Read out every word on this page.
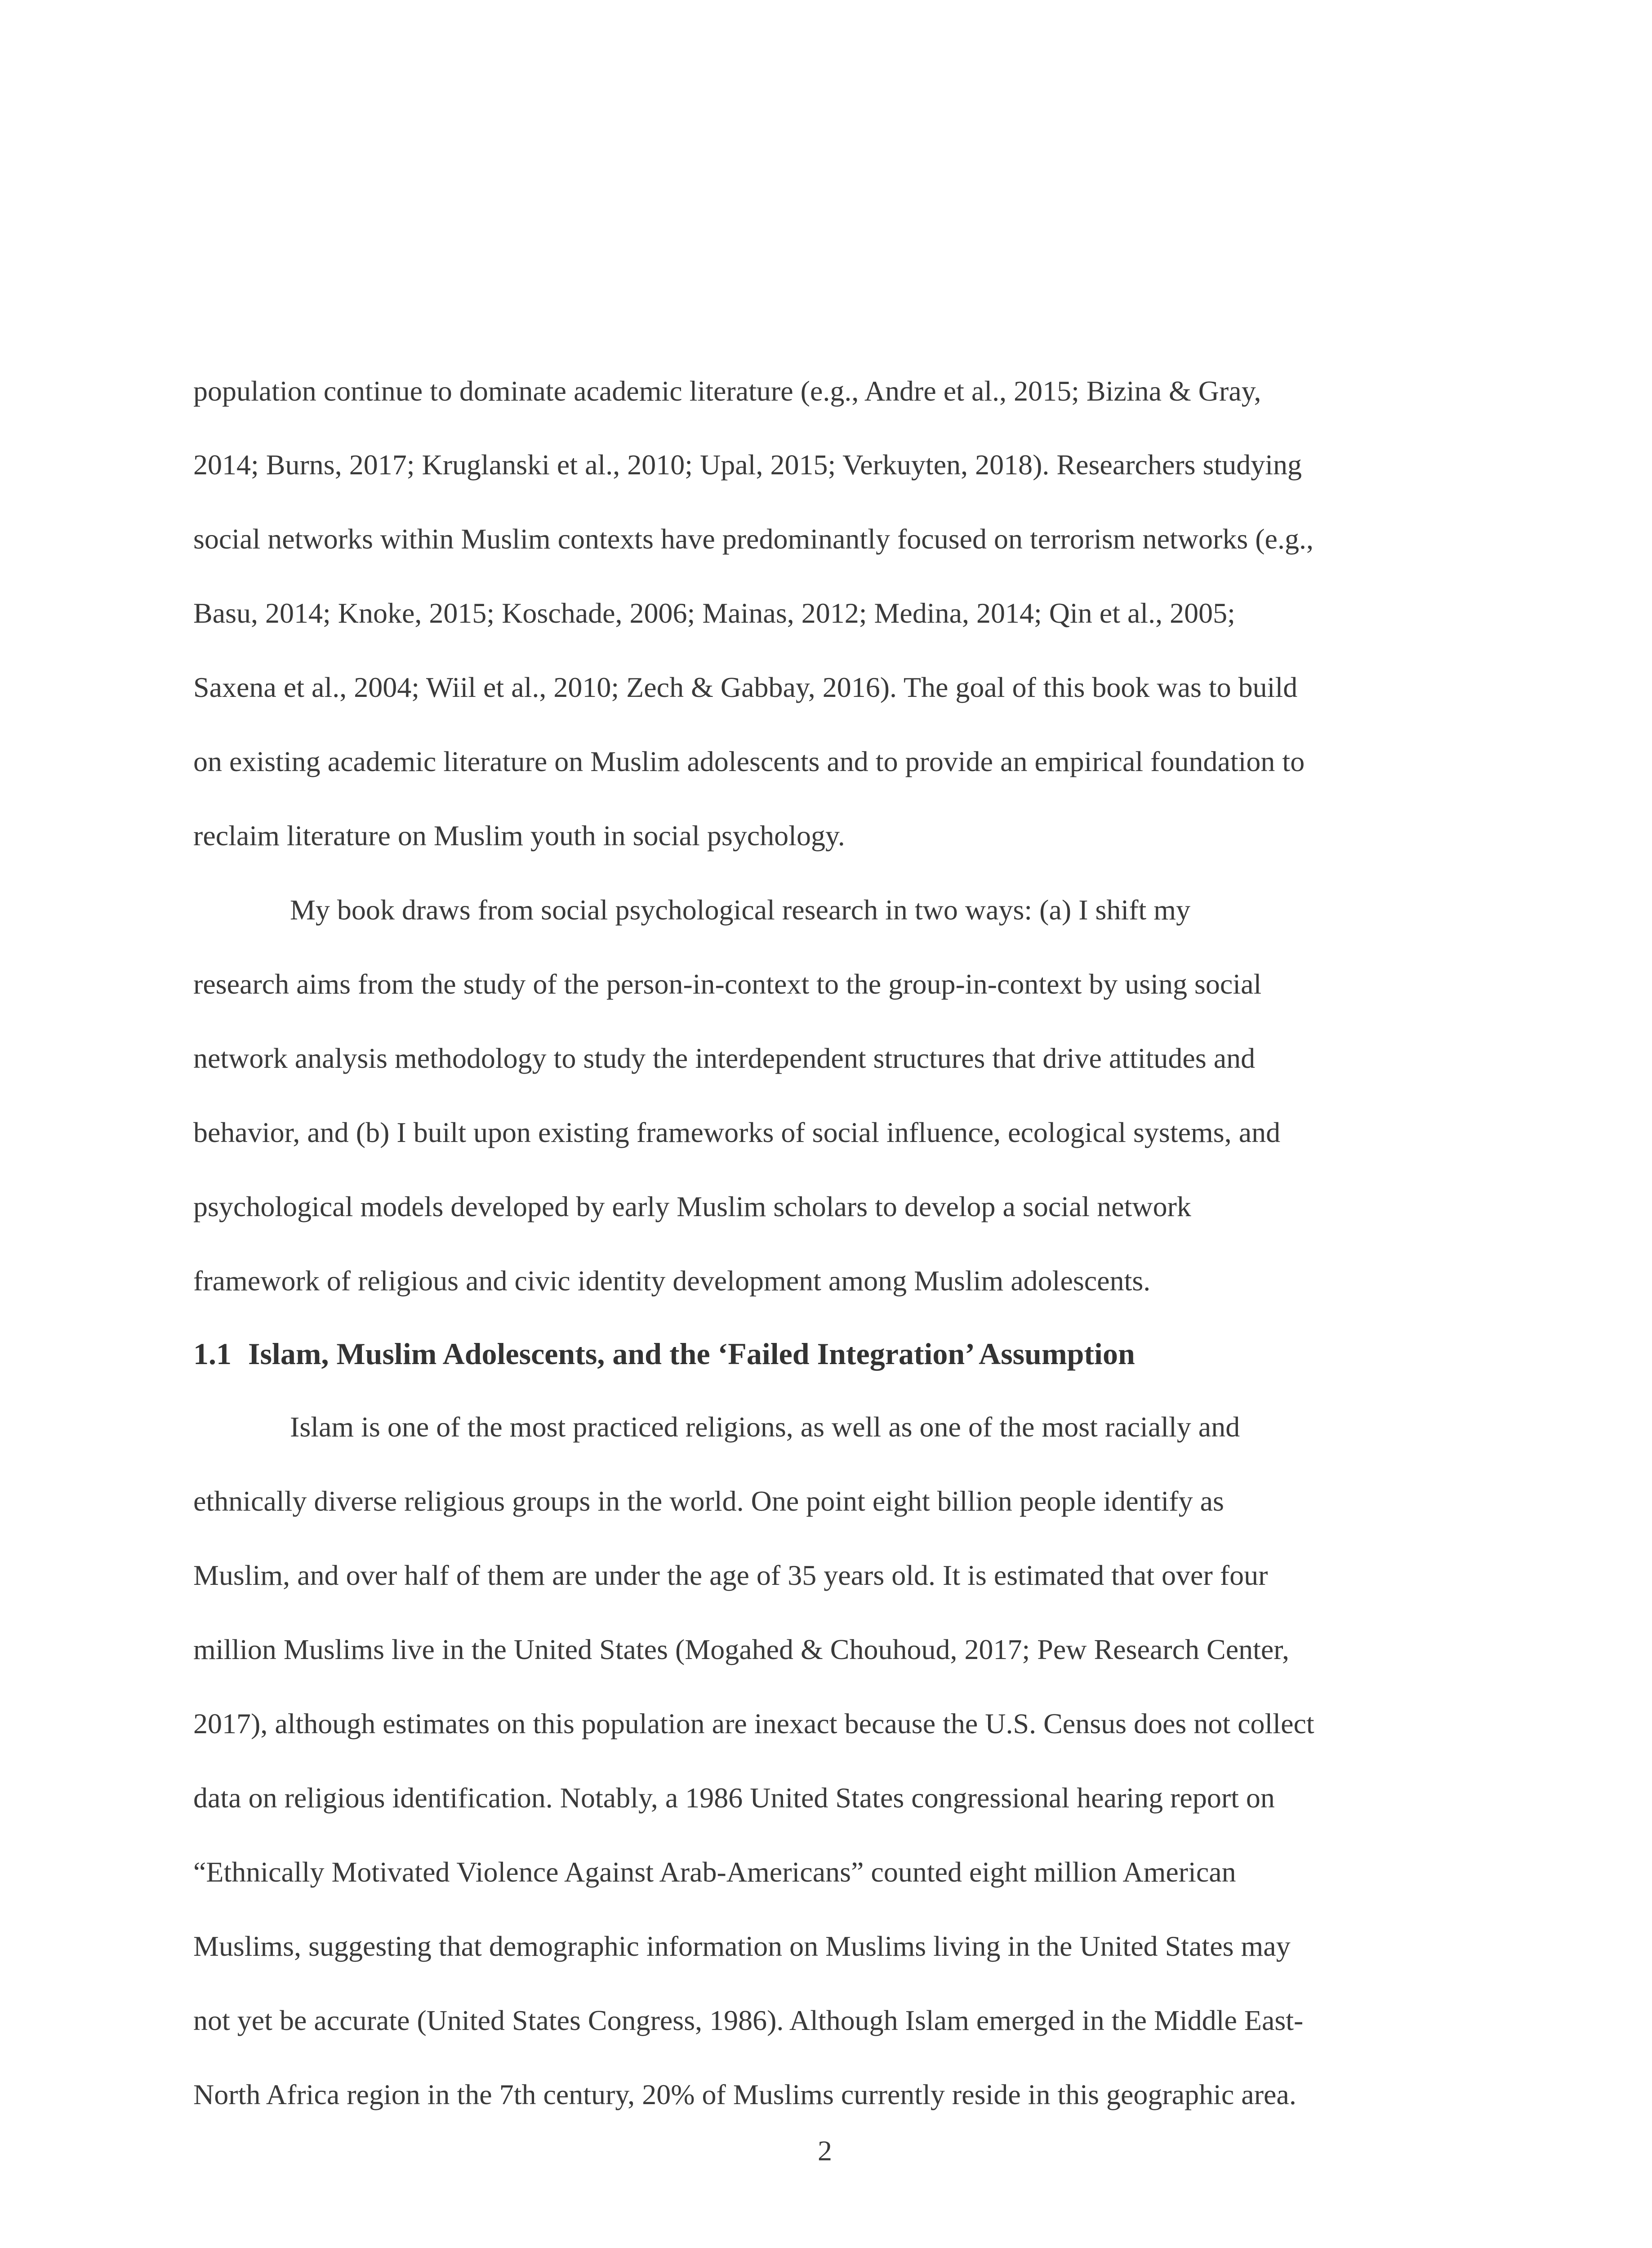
population continue to dominate academic literature (e.g., Andre et al., 2015; Bizina & Gray,
2014; Burns, 2017; Kruglanski et al., 2010; Upal, 2015; Verkuyten, 2018). Researchers studying
social networks within Muslim contexts have predominantly focused on terrorism networks (e.g.,
Basu, 2014; Knoke, 2015; Koschade, 2006; Mainas, 2012; Medina, 2014; Qin et al., 2005;
Saxena et al., 2004; Wiil et al., 2010; Zech & Gabbay, 2016). The goal of this book was to build
on existing academic literature on Muslim adolescents and to provide an empirical foundation to
reclaim literature on Muslim youth in social psychology.
My book draws from social psychological research in two ways: (a) I shift my
research aims from the study of the person-in-context to the group-in-context by using social
network analysis methodology to study the interdependent structures that drive attitudes and
behavior, and (b) I built upon existing frameworks of social influence, ecological systems, and
psychological models developed by early Muslim scholars to develop a social network
framework of religious and civic identity development among Muslim adolescents.
1.1 Islam, Muslim Adolescents, and the ‘Failed Integration’ Assumption
Islam is one of the most practiced religions, as well as one of the most racially and
ethnically diverse religious groups in the world. One point eight billion people identify as
Muslim, and over half of them are under the age of 35 years old. It is estimated that over four
million Muslims live in the United States (Mogahed & Chouhoud, 2017; Pew Research Center,
2017), although estimates on this population are inexact because the U.S. Census does not collect
data on religious identification. Notably, a 1986 United States congressional hearing report on
“Ethnically Motivated Violence Against Arab-Americans” counted eight million American
Muslims, suggesting that demographic information on Muslims living in the United States may
not yet be accurate (United States Congress, 1986). Although Islam emerged in the Middle East-
North Africa region in the 7th century, 20% of Muslims currently reside in this geographic area.
2
